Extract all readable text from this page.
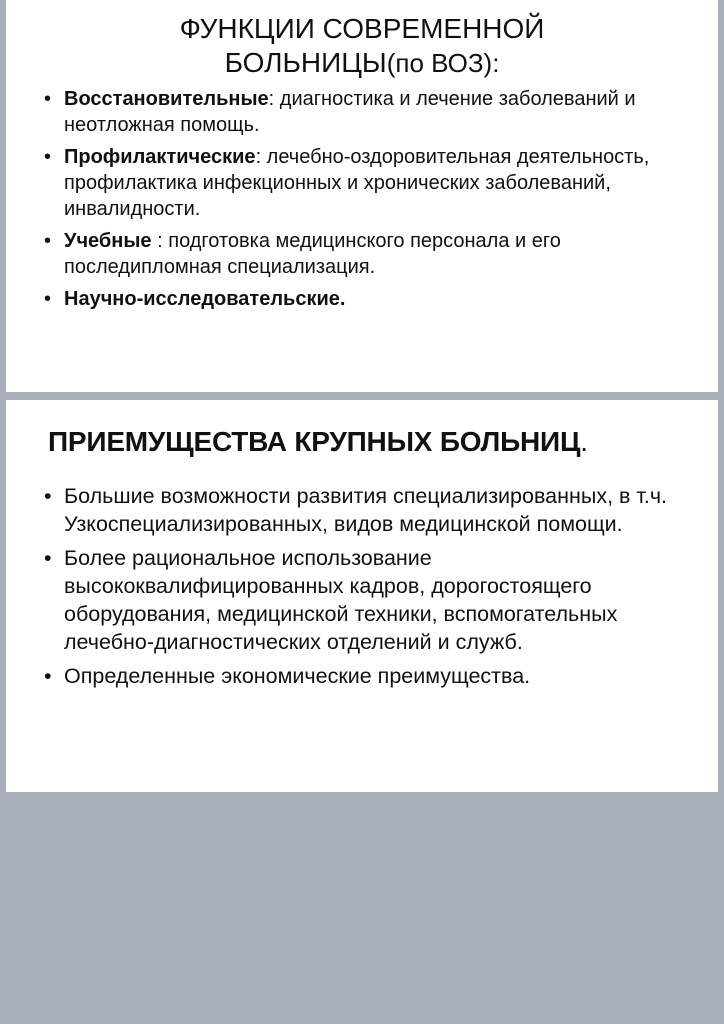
ФУНКЦИИ СОВРЕМЕННОЙ
БОЛЬНИЦЫ(по ВОЗ):
• Восстановительные: диагностика и лечение заболеваний и неотложная помощь.
• Профилактические: лечебно-оздоровительная деятельность, профилактика инфекционных и хронических заболеваний, инвалидности.
• Учебные : подготовка медицинского персонала и его последипломная специализация.
• Научно-исследовательские.
ПРИЕМУЩЕСТВА КРУПНЫХ БОЛЬНИЦ.
• Большие возможности развития специализированных, в т.ч. Узкоспециализированных, видов медицинской помощи.
• Более рациональное использование высококвалифицированных кадров, дорогостоящего оборудования, медицинской техники, вспомогательных лечебно-диагностических отделений и служб.
• Определенные экономические преимущества.
